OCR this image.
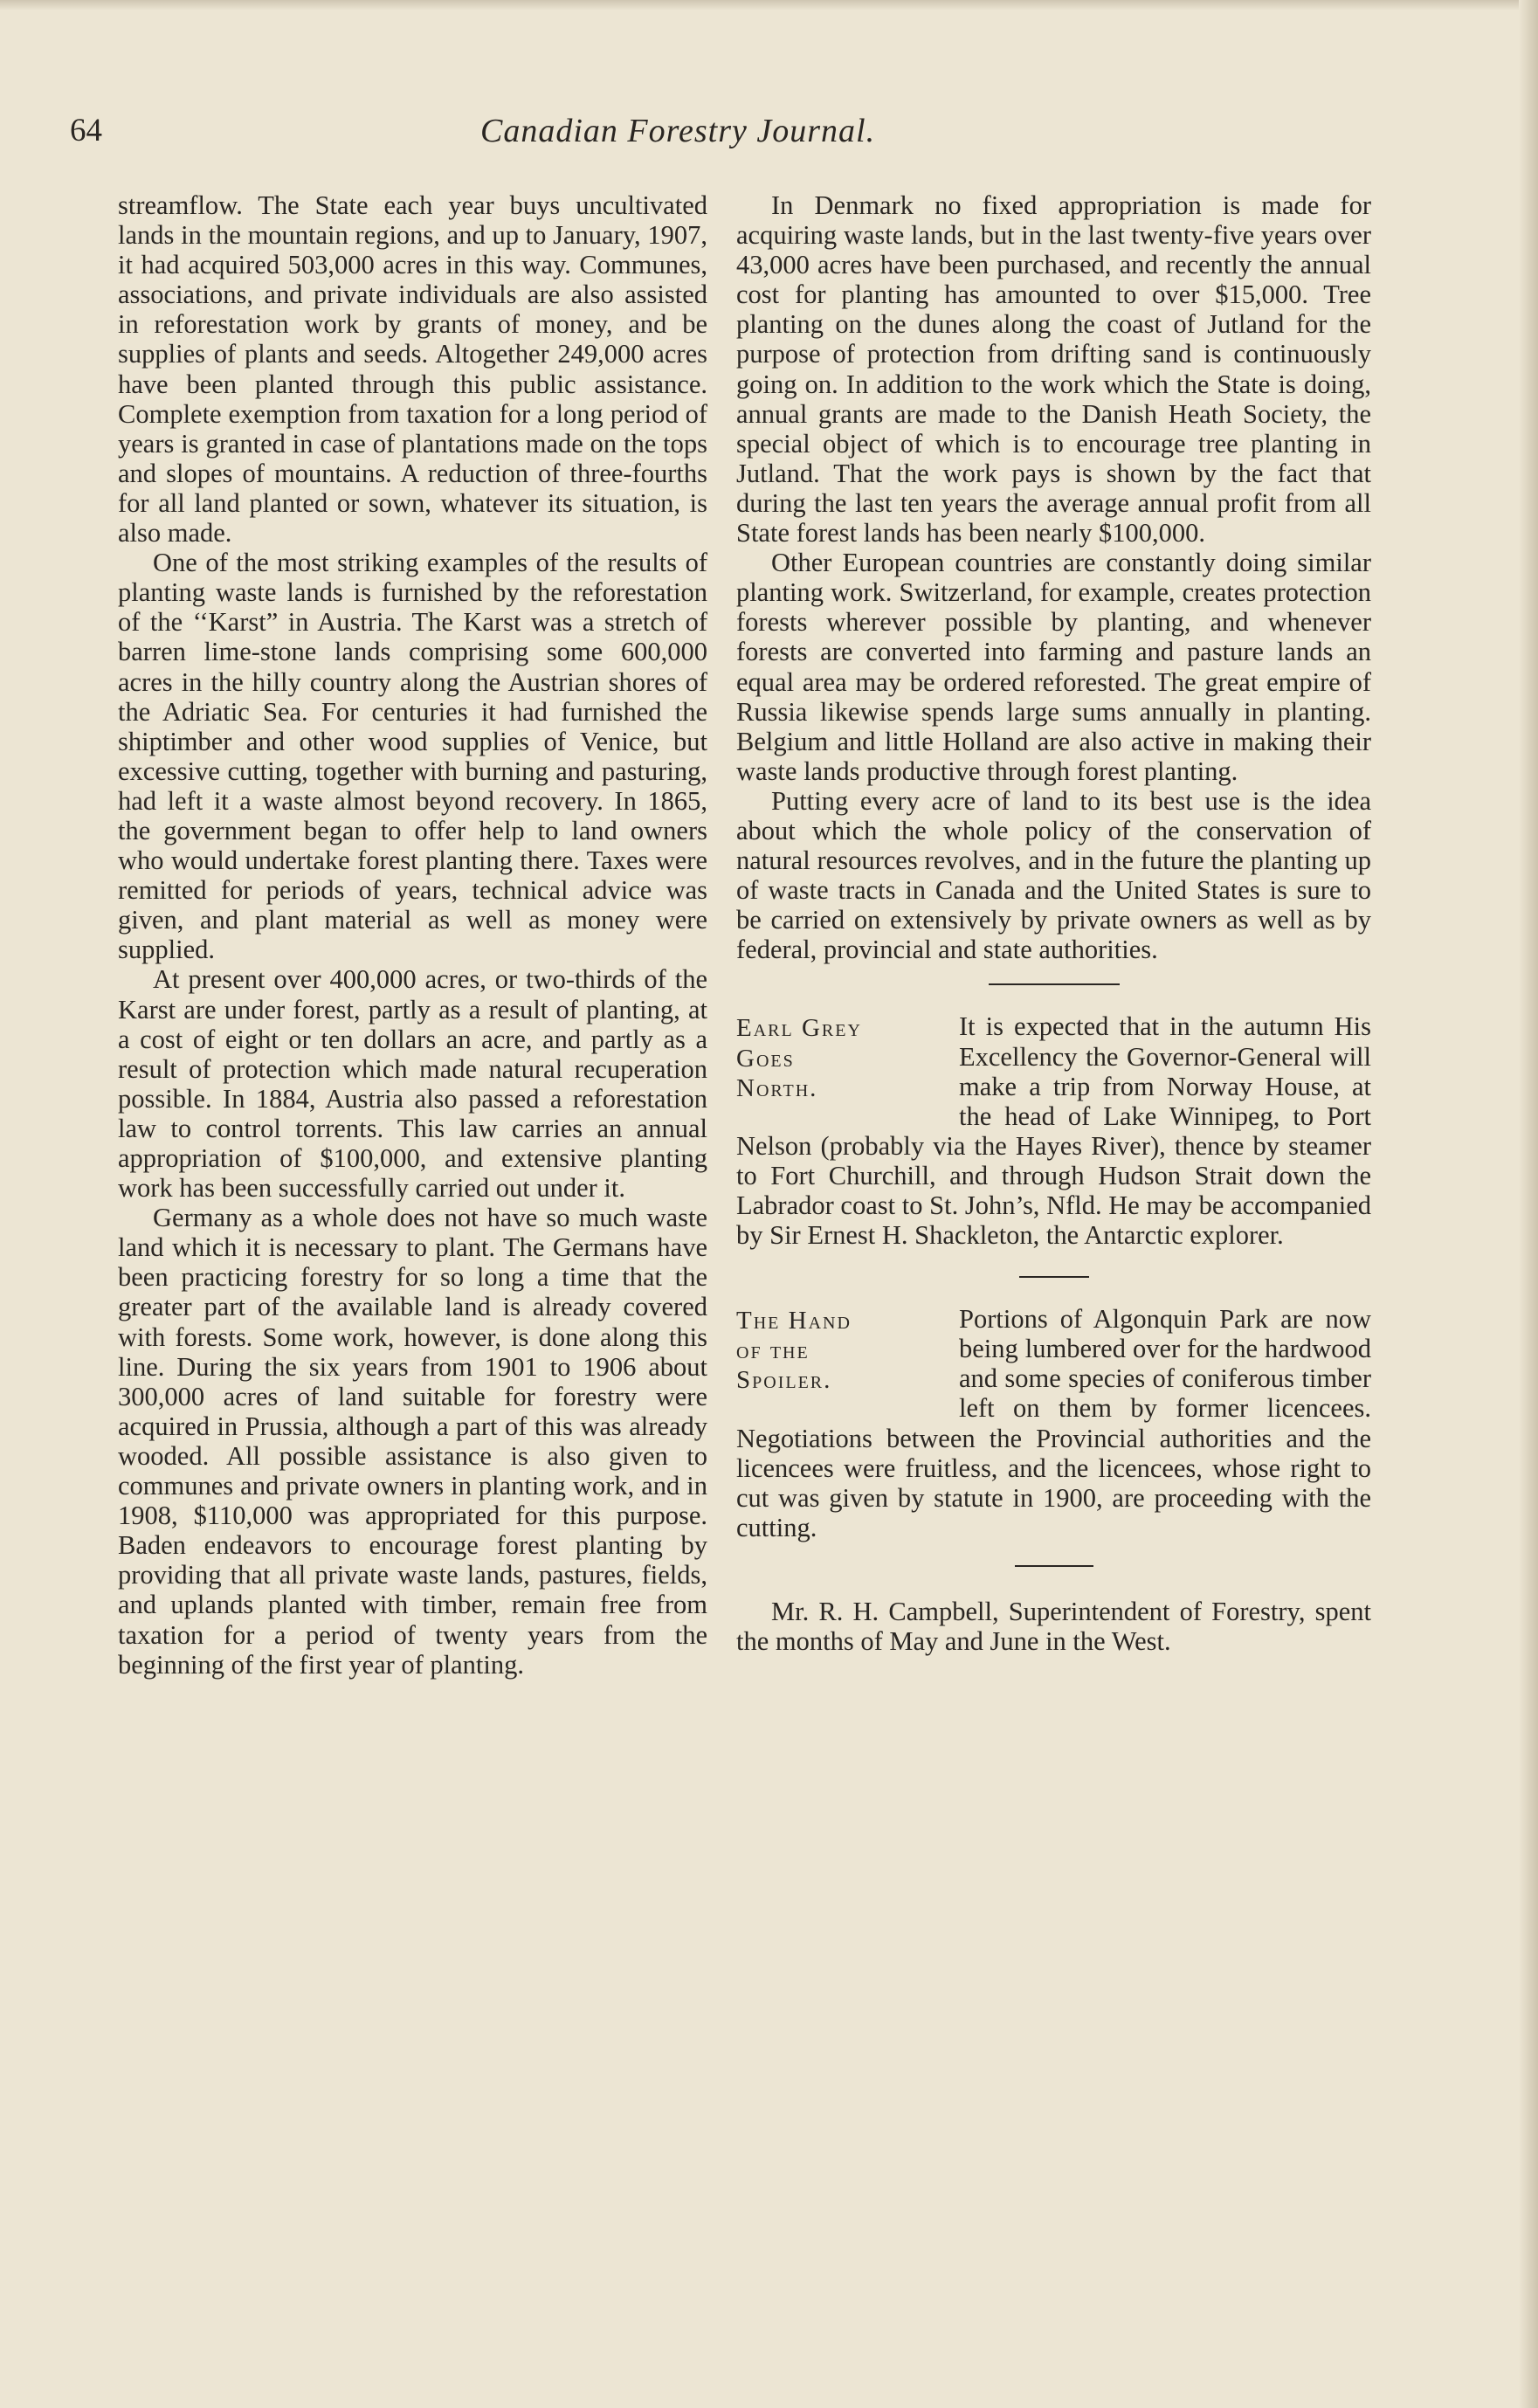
64	Canadian Forestry Journal.

streamflow. The State each year buys uncultivated lands in the mountain regions, and up to January, 1907, it had acquired 503,000 acres in this way. Communes, associations, and private individuals are also assisted in reforestation work by grants of money, and be supplies of plants and seeds. Altogether 249,000 acres have been planted through this public assistance. Complete exemption from taxation for a long period of years is granted in case of plantations made on the tops and slopes of mountains. A reduction of three-fourths for all land planted or sown, whatever its situation, is also made.

One of the most striking examples of the results of planting waste lands is furnished by the reforestation of the ‘‘Karst” in Austria. The Karst was a stretch of barren lime-stone lands comprising some 600,000 acres in the hilly country along the Austrian shores of the Adriatic Sea. For centuries it had furnished the shiptimber and other wood supplies of Venice, but excessive cutting, together with burning and pasturing, had left it a waste almost beyond recovery. In 1865, the government began to offer help to land owners who would undertake forest planting there. Taxes were remitted for periods of years, technical advice was given, and plant material as well as money were supplied.

At present over 400,000 acres, or two-thirds of the Karst are under forest, partly as a result of planting, at a cost of eight or ten dollars an acre, and partly as a result of protection which made natural recuperation possible. In 1884, Austria also passed a reforestation law to control torrents. This law carries an annual appropriation of $100,000, and extensive planting work has been successfully carried out under it.

Germany as a whole does not have so much waste land which it is necessary to plant. The Germans have been practicing forestry for so long a time that the greater part of the available land is already covered with forests. Some work, however, is done along this line. During the six years from 1901 to 1906 about 300,000 acres of land suitable for forestry were acquired in Prussia, although a part of this was already wooded. All possible assistance is also given to communes and private owners in planting work, and in 1908, $110,000 was appropriated for this purpose. Baden endeavors to encourage forest planting by providing that all private waste lands, pastures, fields, and uplands planted with timber, remain free from taxation for a period of twenty years from the beginning of the first year of planting.

In Denmark no fixed appropriation is made for acquiring waste lands, but in the last twenty-five years over 43,000 acres have been purchased, and recently the annual cost for planting has amounted to over $15,000. Tree planting on the dunes along the coast of Jutland for the purpose of protection from drifting sand is continuously going on. In addition to the work which the State is doing, annual grants are made to the Danish Heath Society, the special object of which is to encourage tree planting in Jutland. That the work pays is shown by the fact that during the last ten years the average annual profit from all State forest lands has been nearly $100,000.

Other European countries are constantly doing similar planting work. Switzerland, for example, creates protection forests wherever possible by planting, and whenever forests are converted into farming and pasture lands an equal area may be ordered reforested. The great empire of Russia likewise spends large sums annually in planting. Belgium and little Holland are also active in making their waste lands productive through forest planting.

Putting every acre of land to its best use is the idea about which the whole policy of the conservation of natural resources revolves, and in the future the planting up of waste tracts in Canada and the United States is sure to be carried on extensively by private owners as well as by federal, provincial and state authorities.

Earl Grey
Goes
North.

It is expected that in the autumn His Excellency the Governor-General will make a trip from Norway House, at the head of Lake Winnipeg, to Port Nelson (probably via the Hayes River), thence by steamer to Fort Churchill, and through Hudson Strait down the Labrador coast to St. John’s, Nfld. He may be accompanied by Sir Ernest H. Shackleton, the Antarctic explorer.

The Hand
of the
Spoiler.

Portions of Algonquin Park are now being lumbered over for the hardwood and some species of coniferous timber left on them by former licencees. Negotiations between the Provincial authorities and the licencees were fruitless, and the licencees, whose right to cut was given by statute in 1900, are proceeding with the cutting.

Mr. R. H. Campbell, Superintendent of Forestry, spent the months of May and June in the West.
